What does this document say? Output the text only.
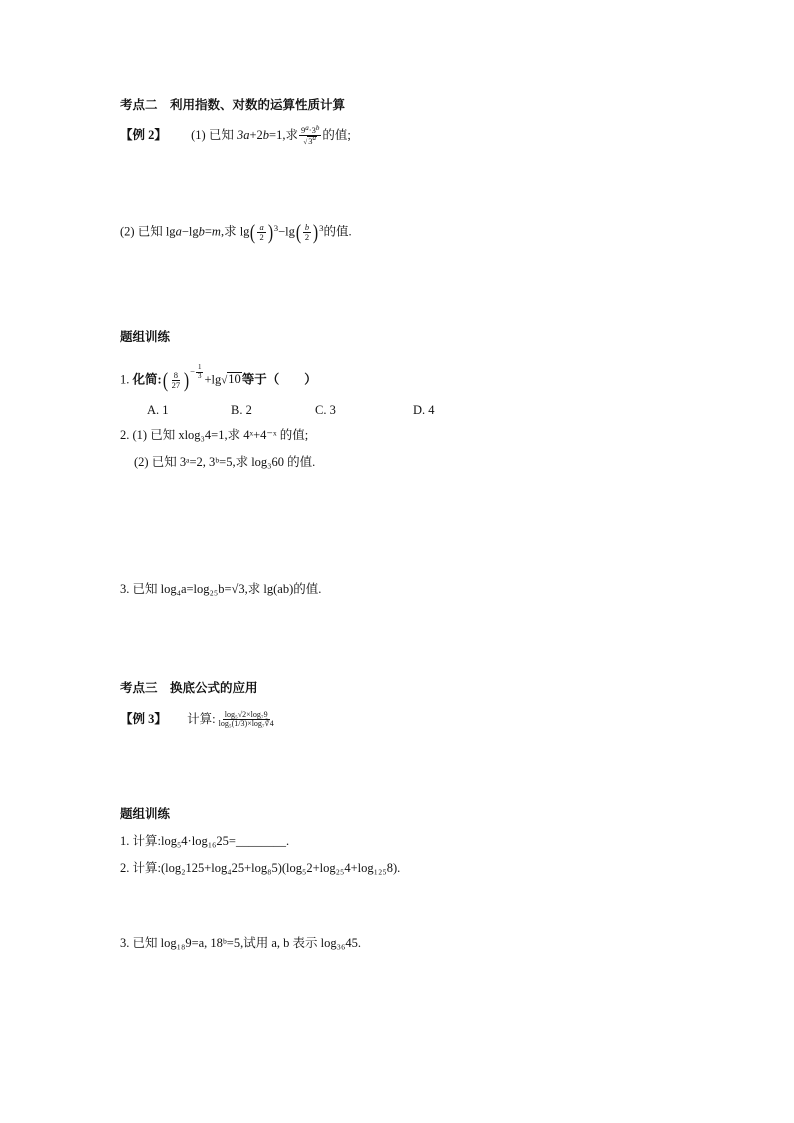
考点二　利用指数、对数的运算性质计算
【例 2】 (1) 已知 3a+2b=1,求 $\frac{9^a\cdot 3^b}{√3^a}$ 的值;
(2) 已知 lga−lgb=m,求 $\lg( \frac{a}{2} )^3-\lg( \frac{b}{2} )^3$的值.
题组训练
1. 化简:( $\frac{8}{27} )^{- \frac{1}{3}} +\lg√10$等于（　　）
A. 1	B. 2	C. 3	D. 4
2. (1) 已知 xlog₃4=1,求 4ˣ+4⁻ˣ 的值;
(2) 已知 3ᵃ=2, 3ᵇ=5,求 log₃60 的值.
3. 已知 log₄a=log₂₅b=√3,求 lg(ab)的值.
考点三　换底公式的应用
【例 3】 计算: $\frac{\text{log₅√2×log₇9}}{\text{log₅(1/3)×log₇∛4}}$
题组训练
1. 计算:log₅4·log₁₆25=________.
2. 计算:(log₂125+log₄25+log₈5)(log₅2+log₂₅4+log₁₂₅8).
3. 已知 log₁₈9=a, 18ᵇ=5,试用 a, b 表示 log₃₆45.
